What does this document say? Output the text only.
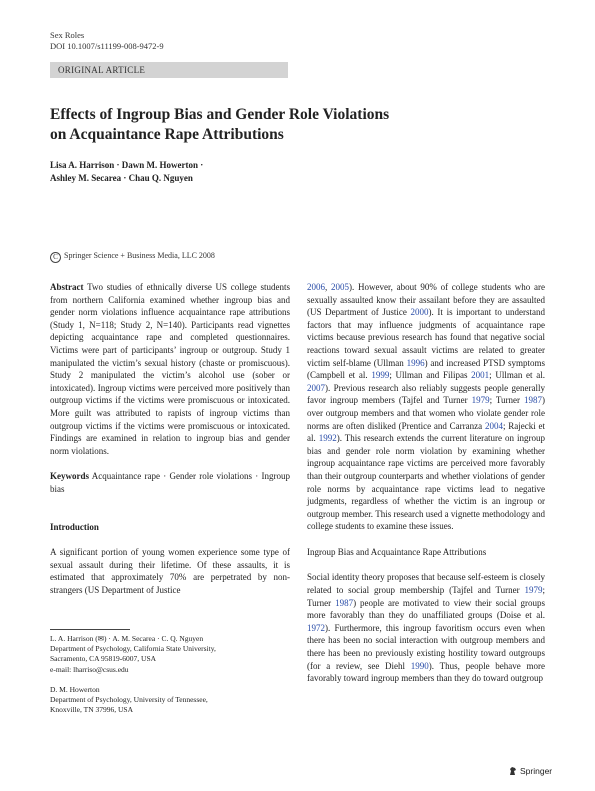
Sex Roles
DOI 10.1007/s11199-008-9472-9
ORIGINAL ARTICLE
Effects of Ingroup Bias and Gender Role Violations
on Acquaintance Rape Attributions
Lisa A. Harrison · Dawn M. Howerton ·
Ashley M. Secarea · Chau Q. Nguyen
C Springer Science + Business Media, LLC 2008

Abstract Two studies of ethnically diverse US college students from northern California examined whether ingroup bias and gender norm violations influence acquaintance rape attributions (Study 1, N=118; Study 2, N=140). Participants read vignettes depicting acquaintance rape and completed questionnaires. Victims were part of participants’ ingroup or outgroup. Study 1 manipulated the victim’s sexual history (chaste or promiscuous). Study 2 manipulated the victim’s alcohol use (sober or intoxicated). Ingroup victims were perceived more positively than outgroup victims if the victims were promiscuous or intoxicated. More guilt was attributed to rapists of ingroup victims than outgroup victims if the victims were promiscuous or intoxicated. Findings are examined in relation to ingroup bias and gender norm violations.

Keywords Acquaintance rape · Gender role violations · Ingroup bias

Introduction

A significant portion of young women experience some type of sexual assault during their lifetime. Of these assaults, it is estimated that approximately 70% are perpetrated by non-strangers (US Department of Justice

2006, 2005). However, about 90% of college students who are sexually assaulted know their assailant before they are assaulted (US Department of Justice 2000). It is important to understand factors that may influence judgments of acquaintance rape victims because previous research has found that negative social reactions toward sexual assault victims are related to greater victim self-blame (Ullman 1996) and increased PTSD symptoms (Campbell et al. 1999; Ullman and Filipas 2001; Ullman et al. 2007). Previous research also reliably suggests people generally favor ingroup members (Tajfel and Turner 1979; Turner 1987) over outgroup members and that women who violate gender role norms are often disliked (Prentice and Carranza 2004; Rajecki et al. 1992). This research extends the current literature on ingroup bias and gender role norm violation by examining whether ingroup acquaintance rape victims are perceived more favorably than their outgroup counterparts and whether violations of gender role norms by acquaintance rape victims lead to negative judgments, regardless of whether the victim is an ingroup or outgroup member. This research used a vignette methodology and college students to examine these issues.

Ingroup Bias and Acquaintance Rape Attributions

Social identity theory proposes that because self-esteem is closely related to social group membership (Tajfel and Turner 1979; Turner 1987) people are motivated to view their social groups more favorably than they do unaffiliated groups (Doise et al. 1972). Furthermore, this ingroup favoritism occurs even when there has been no social interaction with outgroup members and there has been no previously existing hostility toward outgroups (for a review, see Diehl 1990). Thus, people behave more favorably toward ingroup members than they do toward outgroup

L. A. Harrison (✉) · A. M. Secarea · C. Q. Nguyen
Department of Psychology, California State University,
Sacramento, CA 95819-6007, USA
e-mail: lharriso@csus.edu
D. M. Howerton
Department of Psychology, University of Tennessee,
Knoxville, TN 37996, USA
Springer
